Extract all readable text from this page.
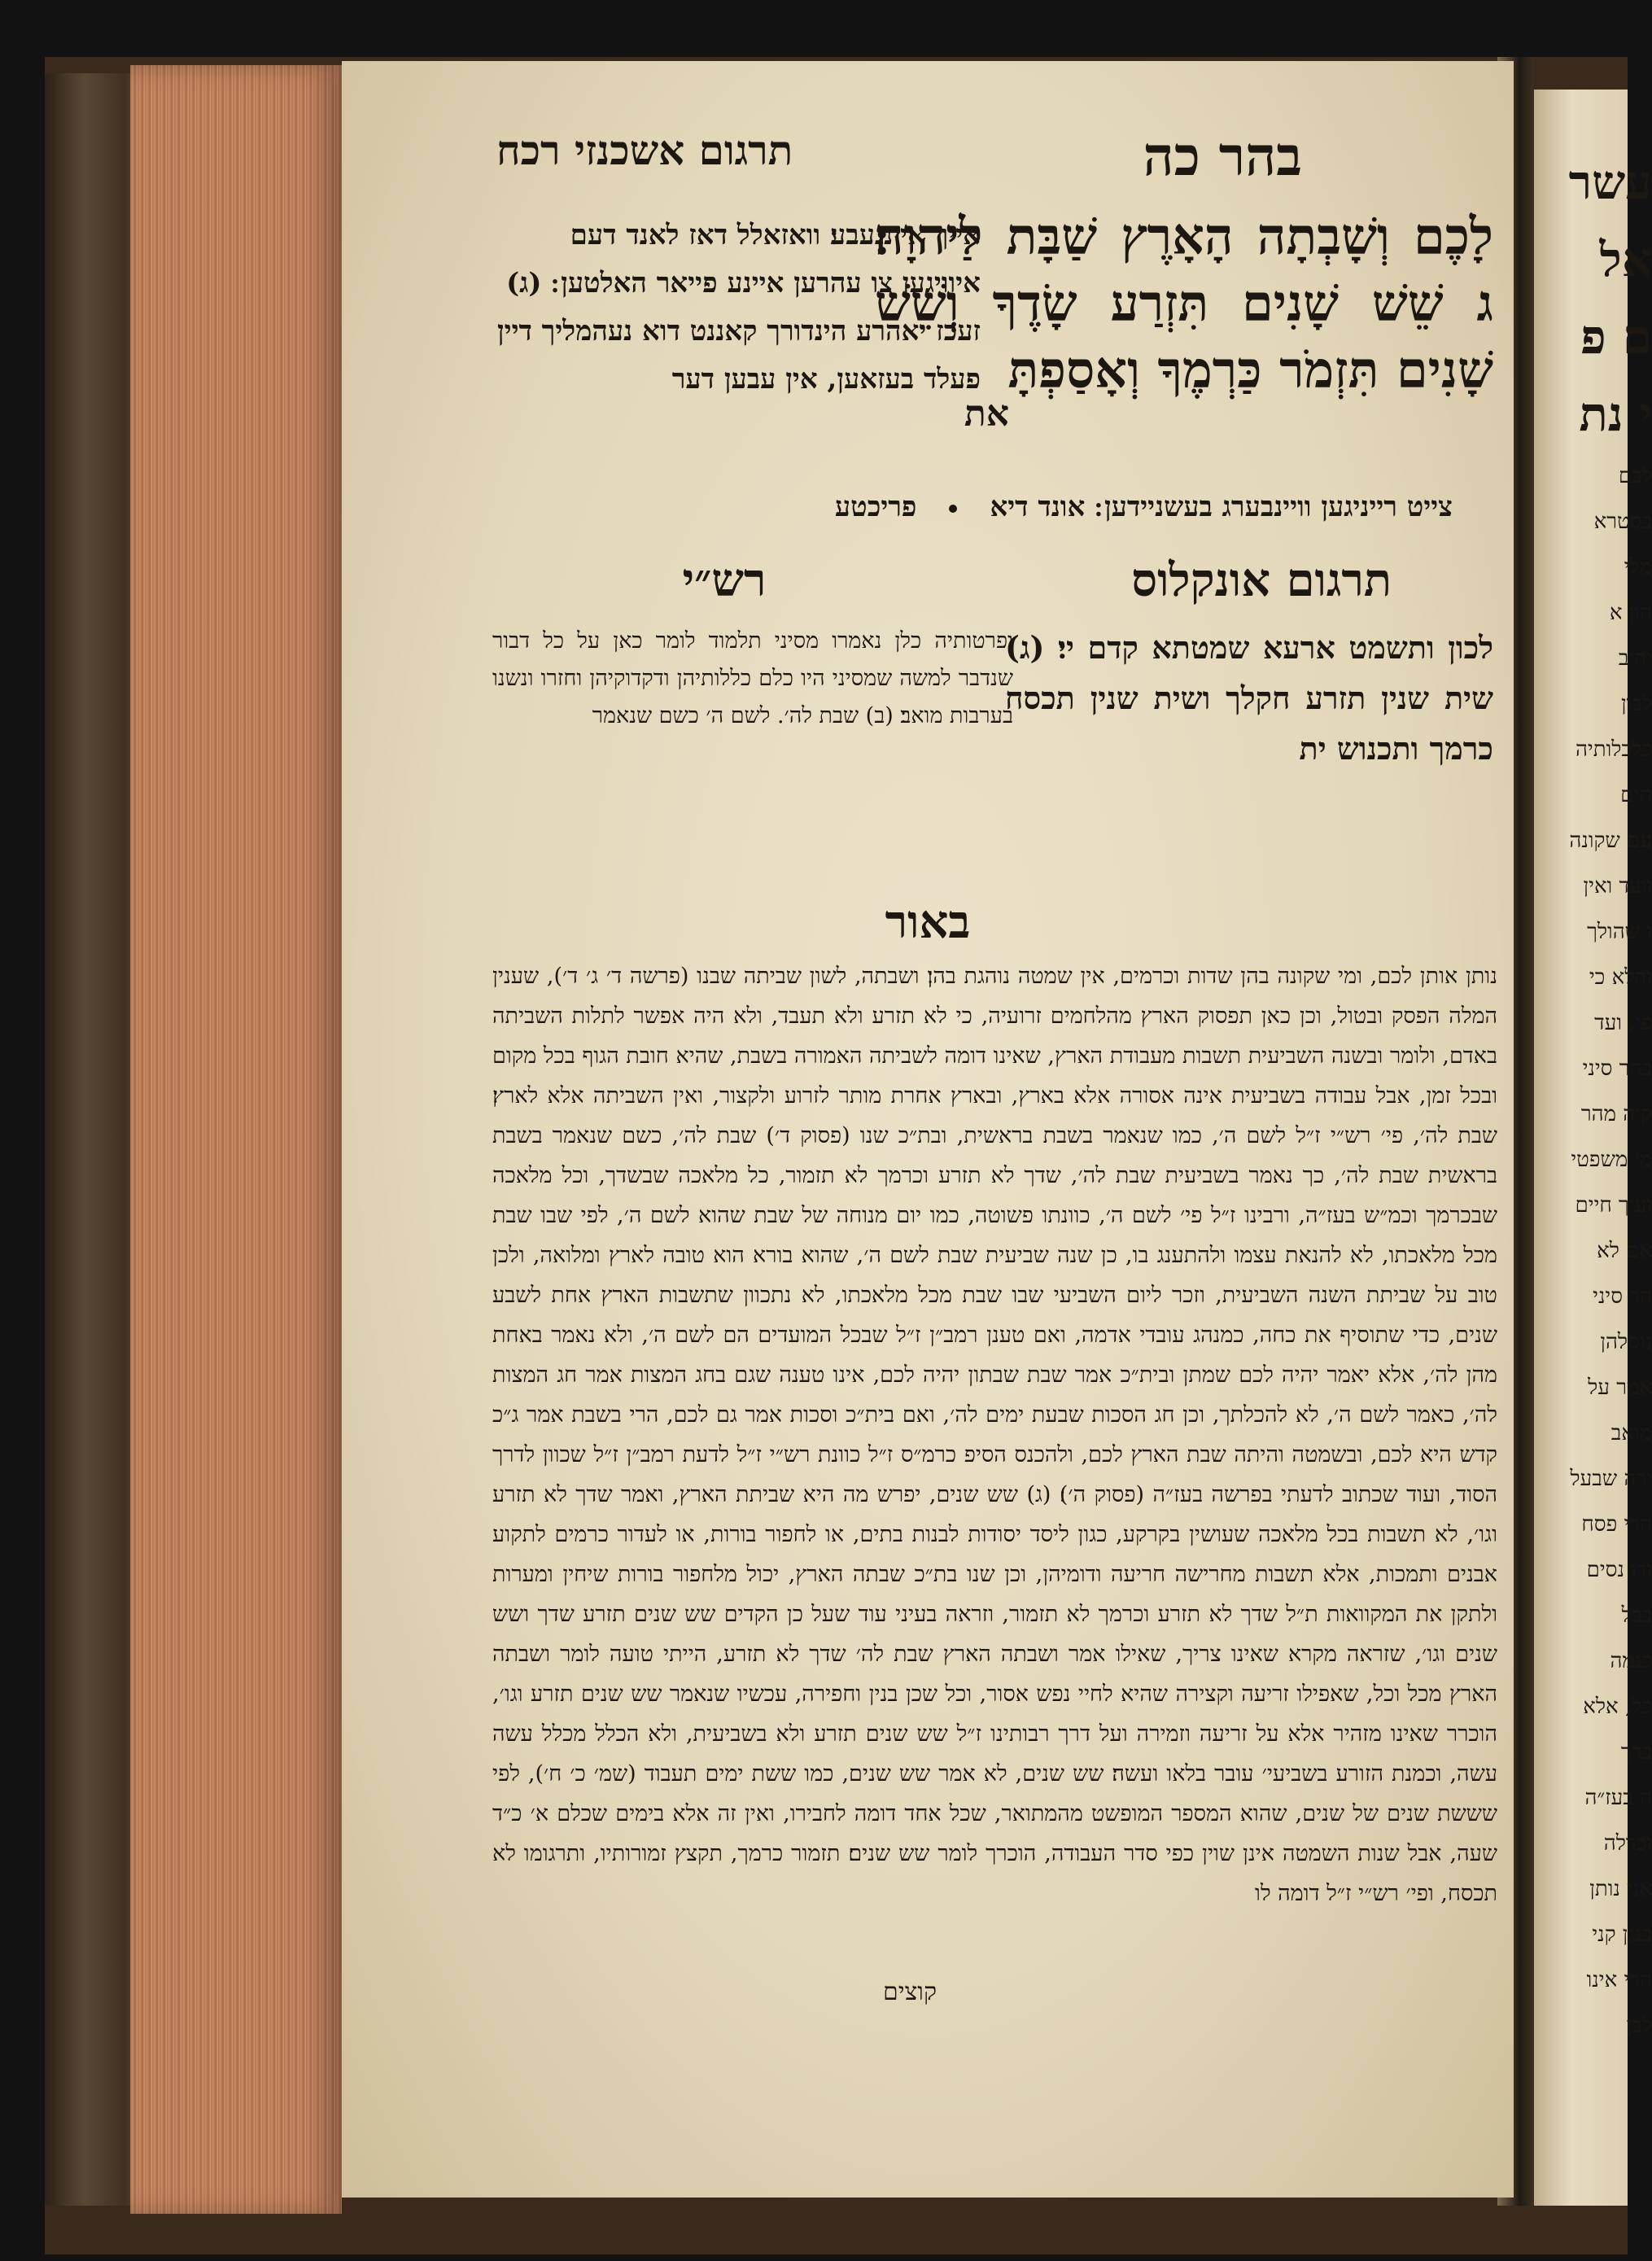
עשר
אל
ם פ
י נת
לכם
בסטרא
מלי
הון א
יהיב
לבון
כלכלותיה
תים
עם שקונה
וועד ואין
ו שהולך
והלא כי
פי, ועד
בהר סיני
קיה מהר
מ׳ משפטי
ועיך חיים
אם לא
הר סיני
נוסלהן
אמר על
מואב
ירה שבעל
הרי פסח
ודו נסים
בכל
כנמה
כל, אלא
ברך
ה בעז״ה
וכרלה
אני נותן
בנגן קני
הרי אינו
לבן
בהר כה
תרגום אשכנזי רכח
לָכֶם וְשָׁבְתָה הָאָרֶץ שַׁבָּת לַיהוָה׃ ג שֵׁשׁ שָׁנִים תִּזְרַע שָׂדֶךָ וְשֵׁשׁ שָׁנִים תִּזְמֹר כַּרְמֶךָ וְאָסַפְתָּ
את
אייך איינגעבע׃ וואזאלל דאז לאנד דעם איוויגען צו עהרען איינע פייאר האלטען ׃ (ג) זעכז יאהרע הינדורך קאננט דוא נעהמליך דיין פעלד בעזאען, אין עבען דער
צייט רייניגען וויינבערג בעשניידען ׃ אונד דיאפריכטע
תרגום אונקלוס
רש״י
לכון ותשמט ארעא שמטתא קדם יי׃ (ג) שית שנין תזרע חקלך ושית שנין תכסח כרמך ותכנוש ית
ופרטותיה כלן נאמרו מסיני תלמוד לומר כאן על כל דבור שנדבר למשה שמסיני היו כלם כללותיהן ודקדוקיהן וחזרו ונשנו בערבות מואב׃ (ב) שבת לה׳. לשם ה׳ כשם שנאמר
באור
נותן אותן לכם, ומי שקונה בהן שדות וכרמים, אין שמטה נוהגת בהן׃ ושבתה, לשון שביתה שבנו (פרשה ד׳ ג׳ ד׳), שענין המלה הפסק ובטול, וכן כאן תפסוק הארץ מהלחמים זרועיה, כי לא תזרע ולא תעבד, ולא היה אפשר לתלות השביתה באדם, ולומר ובשנה השביעית תשבות מעבודת הארץ, שאינו דומה לשביתה האמורה בשבת, שהיא חובת הגוף בכל מקום ובכל זמן, אבל עבודה בשביעית אינה אסורה אלא בארץ, ובארץ אחרת מותר לזרוע ולקצור, ואין השביתה אלא לארץ׃ שבת לה׳, פי׳ רש״י ז״ל לשם ה׳, כמו שנאמר בשבת בראשית, ובת״כ שנו (פסוק ד׳) שבת לה׳, כשם שנאמר בשבת בראשית שבת לה׳, כך נאמר בשביעית שבת לה׳, שדך לא תזרע וכרמך לא תזמור, כל מלאכה שבשדך, וכל מלאכה שבכרמך וכמ״ש בעז״ה, ורבינו ז״ל פי׳ לשם ה׳, כוונתו פשוטה, כמו יום מנוחה של שבת שהוא לשם ה׳, לפי שבו שבת מכל מלאכתו, לא להנאת עצמו ולהתענג בו, כן שנה שביעית שבת לשם ה׳, שהוא בורא הוא טובה לארץ ומלואה, ולכן טוב על שביתת השנה השביעית, וזכר ליום השביעי שבו שבת מכל מלאכתו, לא נתכוון שתשבות הארץ אחת לשבע שנים, כדי שתוסיף את כחה, כמנהג עובדי אדמה, ואם טענן רמב״ן ז״ל שבכל המועדים הם לשם ה׳, ולא נאמר באחת מהן לה׳, אלא יאמר יהיה לכם שמתן ובית״כ אמר שבת שבתון יהיה לכם, אינו טענה שגם בחג המצות אמר חג המצות לה׳, כאמר לשם ה׳, לא להכלתך, וכן חג הסכות שבעת ימים לה׳, ואם בית״כ וסכות אמר גם לכם, הרי בשבת אמר ג״כ קדש היא לכם, ובשמטה והיתה שבת הארץ לכם, ולהכנס הסיפ כרמ״ס ז״ל כוונת רש״י ז״ל לדעת רמב״ן ז״ל שכוון לדרך הסוד, ועוד שכתוב לדעתי בפרשה בעז״ה (פסוק ה׳)׃ (ג) שש שנים, יפרש מה היא שביתת הארץ, ואמר שדך לא תזרע וגו׳, לא תשבות בכל מלאכה שעושין בקרקע, כגון ליסד יסודות לבנות בתים, או לחפור בורות, או לעדור כרמים לתקוע אבנים ותמכות, אלא תשבות מחרישה חריעה ודומיהן, וכן שנו בת״כ שבתה הארץ, יכול מלחפור בורות שיחין ומערות ולתקן את המקוואות ת״ל שדך לא תזרע וכרמך לא תזמור, וזראה בעיני עוד שעל כן הקדים שש שנים תזרע שדך ושש שנים וגו׳, שזראה מקרא שאינו צריך, שאילו אמר ושבתה הארץ שבת לה׳ שדך לא תזרע, הייתי טועה לומר ושבתה הארץ מכל וכל, שאפילו זריעה וקצירה שהיא לחיי נפש אסור, וכל שכן בנין וחפירה, עכשיו שנאמר שש שנים תזרע וגו׳, הוכרר שאינו מזהיר אלא על זריעה וזמירה ועל דרך רבותינו ז״ל שש שנים תזרע ולא בשביעית, ולא הכלל מכלל עשה עשה, וכמנת הזורע בשביעי׳ עובר בלאו ועשה׃ שש שנים, לא אמר שש שנים, כמו ששת ימים תעבוד (שמ׳ כ׳ ח׳), לפי שששת שנים של שנים, שהוא המספר המופשט מהמתואר, שכל אחד דומה לחבירו, ואין זה אלא בימים שכלם א׳ כ״ד שעה, אבל שנות השמטה אינן שוין כפי סדר העבודה, הוכרך לומר שש שנים׃ תזמור כרמך, תקצץ זמורותיו, ותרגומו לא תכסח, ופי׳ רש״י ז״ל דומה לו
קוצים
